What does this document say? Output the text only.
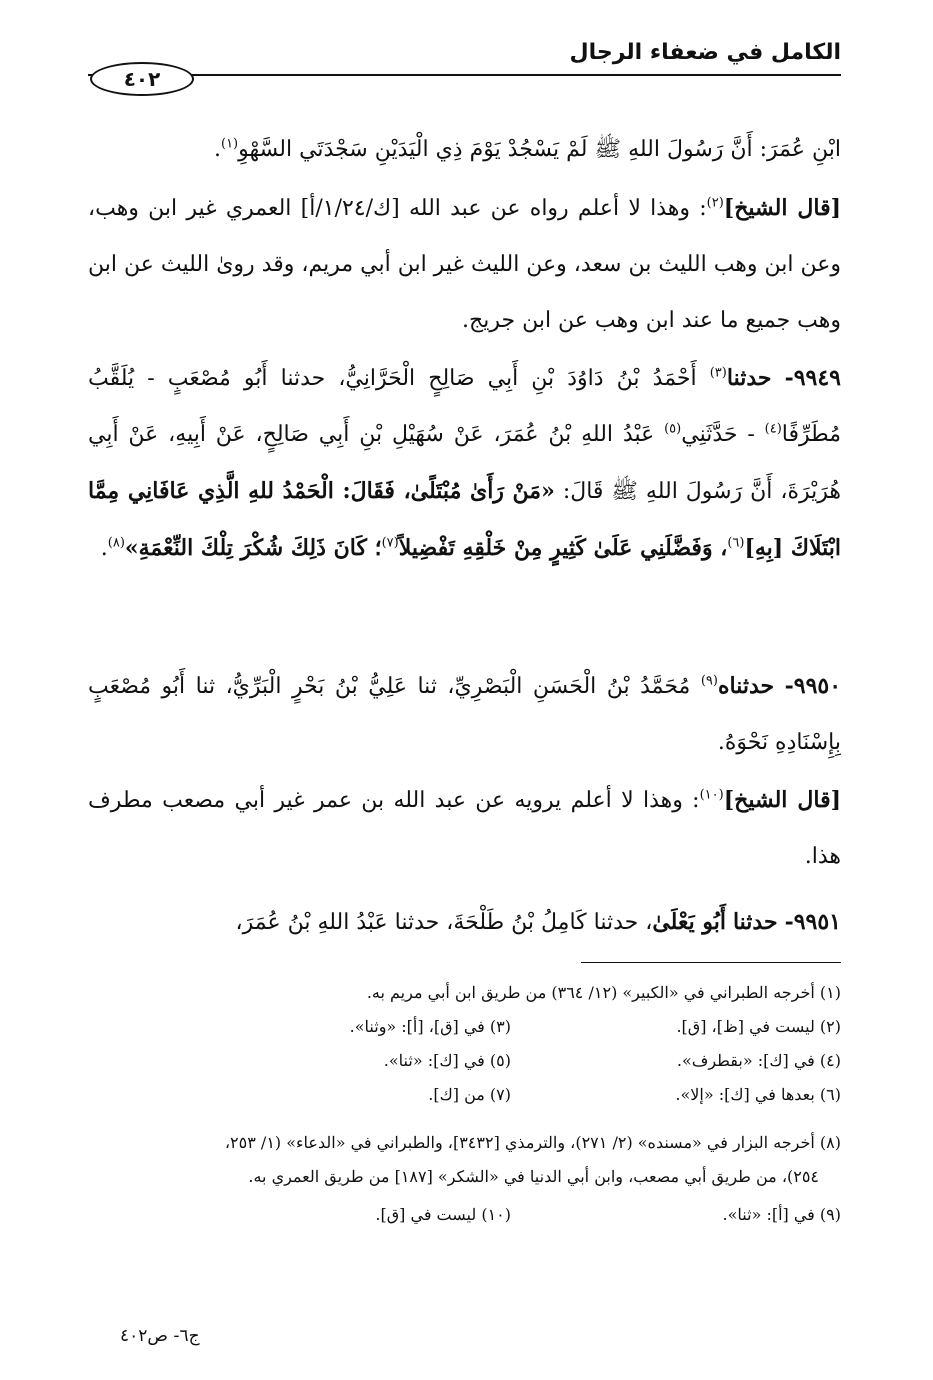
الكامل في ضعفاء الرجال
٤٠٢

ابْنِ عُمَرَ: أَنَّ رَسُولَ اللهِ ﷺ لَمْ يَسْجُدْ يَوْمَ ذِي الْيَدَيْنِ سَجْدَتَي السَّهْوِ$^{(١)}$.

[قال الشيخ]$^{(٢)}$: وهذا لا أعلم رواه عن عبد الله [ك/١/٢٤/أ] العمري غير ابن وهب، وعن ابن وهب الليث بن سعد، وعن الليث غير ابن أبي مريم، وقد روىٰ الليث عن ابن وهب جميع ما عند ابن وهب عن ابن جريج.

٩٩٤٩- حدثنا$^{(٣)}$ أَحْمَدُ بْنُ دَاوُدَ بْنِ أَبِي صَالِحٍ الْحَرَّانِيُّ، حدثنا أَبُو مُصْعَبٍ - يُلَقَّبُ مُطَرِّفًا$^{(٤)}$ - حَدَّثَنِي$^{(٥)}$ عَبْدُ اللهِ بْنُ عُمَرَ، عَنْ سُهَيْلِ بْنِ أَبِي صَالِحٍ، عَنْ أَبِيهِ، عَنْ أَبِي هُرَيْرَةَ، أَنَّ رَسُولَ اللهِ ﷺ قَالَ: «مَنْ رَأَىٰ مُبْتَلًىٰ، فَقَالَ: الْحَمْدُ للهِ الَّذِي عَافَانِي مِمَّا ابْتَلَاكَ [بِهِ]$^{(٦)}$، وَفَضَّلَنِي عَلَىٰ كَثِيرٍ مِنْ خَلْقِهِ تَفْضِيلاً$^{(٧)}$؛ كَانَ ذَلِكَ شُكْرَ تِلْكَ النِّعْمَةِ»$^{(٨)}$.

٩٩٥٠- حدثناه$^{(٩)}$ مُحَمَّدُ بْنُ الْحَسَنِ الْبَصْرِيِّ، ثنا عَلِيُّ بْنُ بَحْرٍ الْبَرِّيُّ، ثنا أَبُو مُصْعَبٍ بِإِسْنَادِهِ نَحْوَهُ.

[قال الشيخ]$^{(١٠)}$: وهذا لا أعلم يرويه عن عبد الله بن عمر غير أبي مصعب مطرف هذا.

٩٩٥١- حدثنا أَبُو يَعْلَىٰ، حدثنا كَامِلُ بْنُ طَلْحَةَ، حدثنا عَبْدُ اللهِ بْنُ عُمَرَ،

(١) أخرجه الطبراني في «الكبير» (١٢/ ٣٦٤) من طريق ابن أبي مريم به.

(٢) ليست في [ظ]، [ق].
(٣) في [ق]، [أ]: «وثنا».
(٤) في [ك]: «بقطرف».
(٥) في [ك]: «ثنا».
(٦) بعدها في [ك]: «إلا».
(٧) من [ك].

(٨) أخرجه البزار في «مسنده» (٢/ ٢٧١)، والترمذي [٣٤٣٢]، والطبراني في «الدعاء» (١/ ٢٥٣،

٢٥٤)، من طريق أبي مصعب، وابن أبي الدنيا في «الشكر» [١٨٧] من طريق العمري به.

(٩) في [أ]: «ثنا».
(١٠) ليست في [ق].
ج٦- ص٤٠٢
